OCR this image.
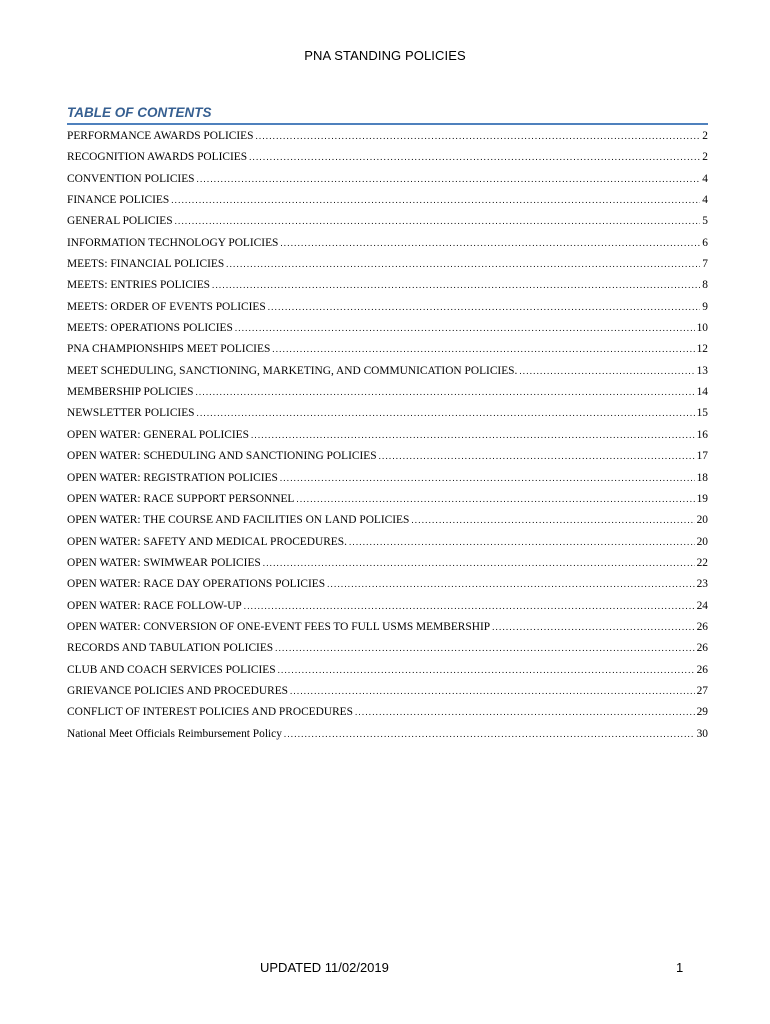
PNA STANDING POLICIES
TABLE OF CONTENTS
PERFORMANCE AWARDS POLICIES .....	2
RECOGNITION AWARDS POLICIES .....	2
CONVENTION POLICIES .....	4
FINANCE POLICIES .....	4
GENERAL POLICIES .....	5
INFORMATION TECHNOLOGY POLICIES .....	6
MEETS: FINANCIAL POLICIES .....	7
MEETS: ENTRIES POLICIES .....	8
MEETS: ORDER OF EVENTS POLICIES .....	9
MEETS: OPERATIONS POLICIES .....	10
PNA CHAMPIONSHIPS MEET POLICIES .....	12
MEET SCHEDULING, SANCTIONING, MARKETING, AND COMMUNICATION POLICIES. .....	13
MEMBERSHIP POLICIES .....	14
NEWSLETTER POLICIES .....	15
OPEN WATER: GENERAL POLICIES .....	16
OPEN WATER: SCHEDULING AND SANCTIONING POLICIES .....	17
OPEN WATER: REGISTRATION POLICIES .....	18
OPEN WATER: RACE SUPPORT PERSONNEL .....	19
OPEN WATER: THE COURSE AND FACILITIES ON LAND POLICIES .....	20
OPEN WATER: SAFETY AND MEDICAL PROCEDURES. .....	20
OPEN WATER: SWIMWEAR POLICIES .....	22
OPEN WATER: RACE DAY OPERATIONS POLICIES .....	23
OPEN WATER: RACE FOLLOW-UP .....	24
OPEN WATER: CONVERSION OF ONE-EVENT FEES TO FULL USMS MEMBERSHIP .....	26
RECORDS AND TABULATION POLICIES .....	26
CLUB AND COACH SERVICES POLICIES .....	26
GRIEVANCE POLICIES AND PROCEDURES .....	27
CONFLICT OF INTEREST POLICIES AND PROCEDURES .....	29
National Meet Officials Reimbursement Policy .....	30
UPDATED 11/02/2019	1
